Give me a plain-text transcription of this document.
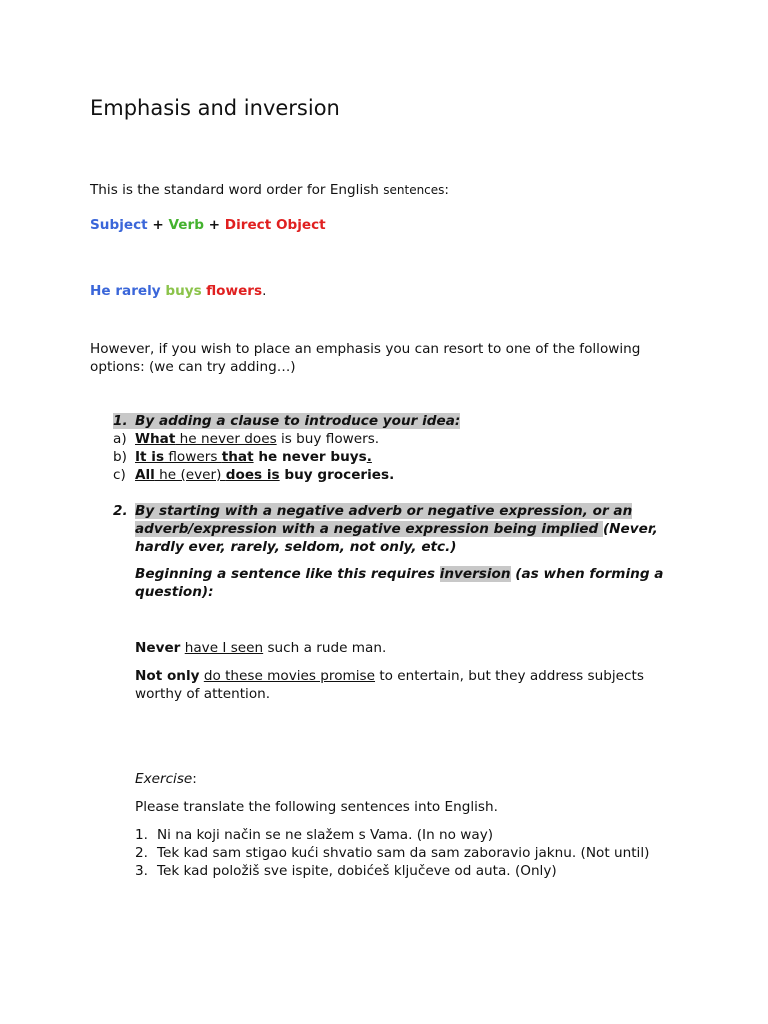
Emphasis and inversion
This is the standard word order for English sentences:
Subject + Verb + Direct Object
He rarely buys flowers.
However, if you wish to place an emphasis you can resort to one of the following
options: (we can try adding…)
1. By adding a clause to introduce your idea:
a) What he never does is buy flowers.
b) It is flowers that he never buys.
c) All he (ever) does is buy groceries.
2. By starting with a negative adverb or negative expression, or an
adverb/expression with a negative expression being implied (Never,
hardly ever, rarely, seldom, not only, etc.)
Beginning a sentence like this requires inversion (as when forming a
question):
Never have I seen such a rude man.
Not only do these movies promise to entertain, but they address subjects
worthy of attention.
Exercise:
Please translate the following sentences into English.
1. Ni na koji način se ne slažem s Vama. (In no way)
2. Tek kad sam stigao kući shvatio sam da sam zaboravio jaknu. (Not until)
3. Tek kad položiš sve ispite, dobićeš ključeve od auta. (Only)
